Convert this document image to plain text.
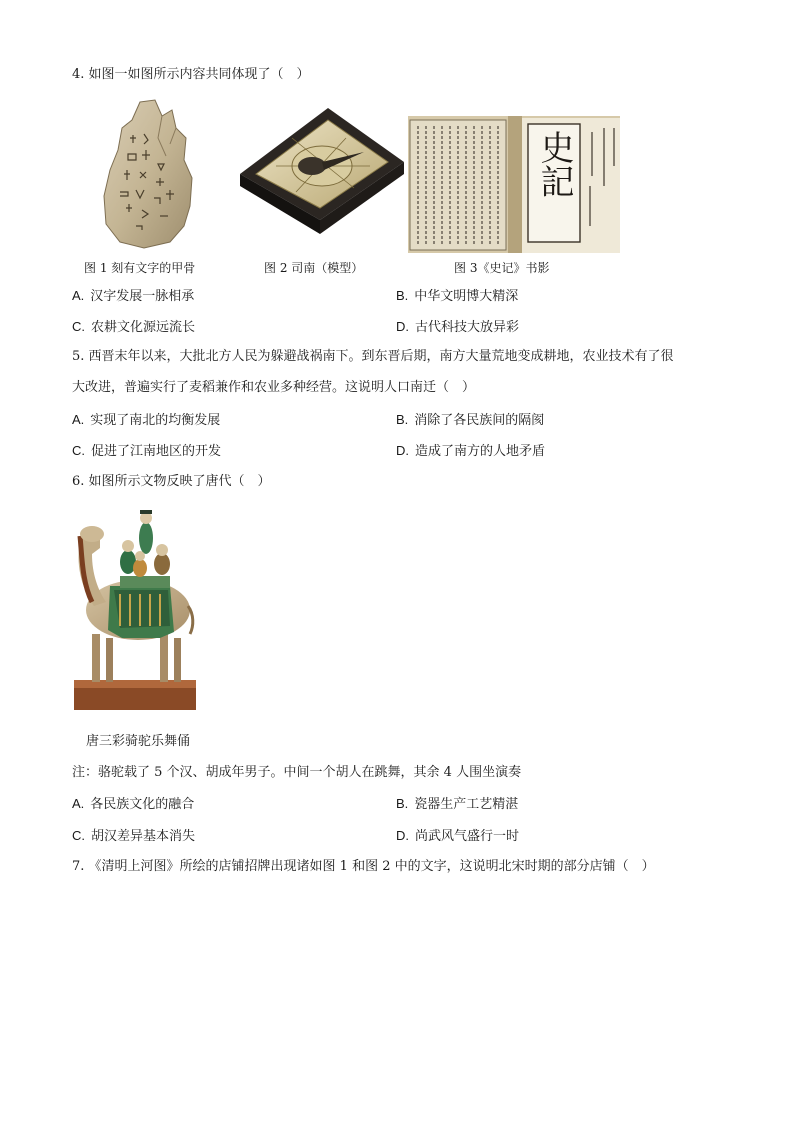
4. 如图一如图所示内容共同体现了（　）
图 1 刻有文字的甲骨	图 2 司南（模型）
史記
图 3《史记》书影
A. 汉字发展一脉相承	B. 中华文明博大精深
C. 农耕文化源远流长	D. 古代科技大放异彩
5. 西晋末年以来，大批北方人民为躲避战祸南下。到东晋后期，南方大量荒地变成耕地，农业技术有了很
大改进，普遍实行了麦稻兼作和农业多种经营。这说明人口南迁（　）
A. 实现了南北的均衡发展	B. 消除了各民族间的隔阂
C. 促进了江南地区的开发	D. 造成了南方的人地矛盾
6. 如图所示文物反映了唐代（　）
唐三彩骑驼乐舞俑
注：骆驼载了 5 个汉、胡成年男子。中间一个胡人在跳舞，其余 4 人围坐演奏
A. 各民族文化的融合	B. 瓷器生产工艺精湛
C. 胡汉差异基本消失	D. 尚武风气盛行一时
7. 《清明上河图》所绘的店铺招牌出现诸如图 1 和图 2 中的文字，这说明北宋时期的部分店铺（　）
